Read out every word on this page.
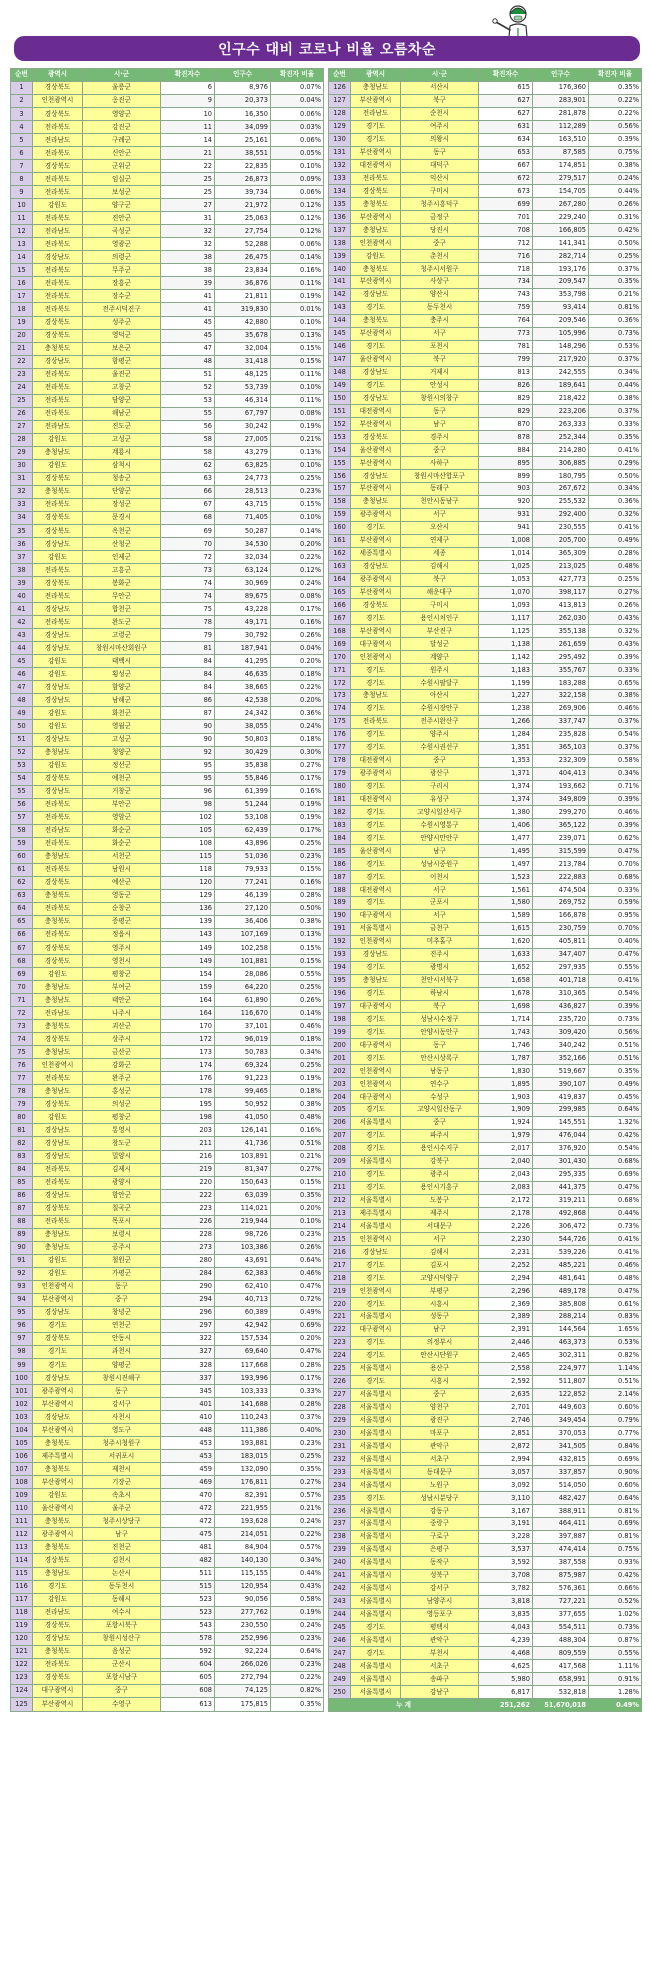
인구수 대비 코로나 비율 오름차순
순번	광역시	시·군	확진자수	인구수	확진자 비율
1	경상북도	울릉군	6	8,976	0.07%
2	인천광역시	옹진군	9	20,373	0.04%
3	경상북도	영양군	10	16,350	0.06%
4	전라북도	강진군	11	34,099	0.03%
5	전라남도	구례군	14	25,161	0.06%
6	전라북도	신안군	21	38,551	0.05%
7	경상북도	군위군	22	22,835	0.10%
8	전라북도	임실군	25	26,873	0.09%
9	전라북도	보성군	25	39,734	0.06%
10	강원도	양구군	27	21,972	0.12%
11	전라북도	진안군	31	25,063	0.12%
12	전라남도	곡성군	32	27,754	0.12%
13	전라북도	영광군	32	52,288	0.06%
14	경상남도	의령군	38	26,475	0.14%
15	전라북도	무주군	38	23,834	0.16%
16	전라북도	장흥군	39	36,876	0.11%
17	전라북도	장수군	41	21,811	0.19%
18	전라북도	전주시덕진구	41	319,830	0.01%
19	경상북도	성주군	45	42,880	0.10%
20	경상북도	영덕군	45	35,678	0.13%
21	충청북도	보은군	47	32,004	0.15%
22	경상남도	함평군	48	31,418	0.15%
23	전라북도	울진군	51	48,125	0.11%
24	전라북도	고창군	52	53,739	0.10%
25	전라북도	담양군	53	46,314	0.11%
26	전라북도	해남군	55	67,797	0.08%
27	전라남도	진도군	56	30,242	0.19%
28	강원도	고성군	58	27,005	0.21%
29	충청남도	계룡시	58	43,279	0.13%
30	강원도	삼척시	62	63,825	0.10%
31	경상북도	청송군	63	24,773	0.25%
32	충청북도	단양군	66	28,513	0.23%
33	전라북도	장성군	67	43,715	0.15%
34	경상북도	문경시	68	71,405	0.10%
35	경상북도	옥천군	69	50,287	0.14%
36	경상남도	산청군	70	34,530	0.20%
37	강원도	인제군	72	32,034	0.22%
38	전라북도	고흥군	73	63,124	0.12%
39	경상북도	봉화군	74	30,969	0.24%
40	전라북도	무안군	74	89,675	0.08%
41	경상남도	합천군	75	43,228	0.17%
42	전라북도	완도군	78	49,171	0.16%
43	경상남도	고령군	79	30,792	0.26%
44	경상남도	창원시마산회원구	81	187,941	0.04%
45	강원도	태백시	84	41,295	0.20%
46	강원도	횡성군	84	46,635	0.18%
47	경상남도	함양군	84	38,665	0.22%
48	경상남도	남해군	86	42,538	0.20%
49	강원도	화천군	87	24,342	0.36%
50	강원도	영월군	90	38,055	0.24%
51	경상남도	고성군	90	50,803	0.18%
52	충청남도	청양군	92	30,429	0.30%
53	강원도	정선군	95	35,838	0.27%
54	경상북도	예천군	95	55,846	0.17%
55	경상남도	거창군	96	61,399	0.16%
56	전라북도	부안군	98	51,244	0.19%
57	전라북도	영암군	102	53,108	0.19%
58	전라남도	화순군	105	62,439	0.17%
59	전라북도	화순군	108	43,896	0.25%
60	충청남도	서천군	115	51,036	0.23%
61	전라북도	남원시	118	79,933	0.15%
62	경상북도	예산군	120	77,241	0.16%
63	충청북도	영동군	129	46,139	0.28%
64	전라북도	순창군	136	27,120	0.50%
65	충청북도	증평군	139	36,406	0.38%
66	전라북도	정읍시	143	107,169	0.13%
67	경상북도	영주시	149	102,258	0.15%
68	경상북도	영천시	149	101,881	0.15%
69	강원도	평창군	154	28,086	0.55%
70	충청남도	부여군	159	64,220	0.25%
71	충청남도	태안군	164	61,890	0.26%
72	전라남도	나주시	164	116,670	0.14%
73	충청북도	괴산군	170	37,101	0.46%
74	경상북도	상주시	172	96,019	0.18%
75	충청남도	금산군	173	50,783	0.34%
76	인천광역시	강화군	174	69,324	0.25%
77	전라북도	완주군	176	91,223	0.19%
78	충청남도	홍성군	178	99,465	0.18%
79	경상북도	의성군	195	50,952	0.38%
80	강원도	평창군	198	41,050	0.48%
81	경상남도	통영시	203	126,141	0.16%
82	경상남도	창도군	211	41,736	0.51%
83	경상남도	밀양시	216	103,891	0.21%
84	전라북도	김제시	219	81,347	0.27%
85	전라북도	광양시	220	150,643	0.15%
86	경상남도	함안군	222	63,039	0.35%
87	경상북도	칠곡군	223	114,021	0.20%
88	전라북도	목포시	226	219,944	0.10%
89	충청남도	보령시	228	98,726	0.23%
90	충청남도	공주시	273	103,386	0.26%
91	강원도	철원군	280	43,691	0.64%
92	강원도	가평군	284	62,383	0.46%
93	인천광역시	동구	290	62,410	0.47%
94	부산광역시	중구	294	40,713	0.72%
95	경상남도	창녕군	296	60,389	0.49%
96	경기도	연천군	297	42,942	0.69%
97	경상북도	안동시	322	157,534	0.20%
98	경기도	과천시	327	69,640	0.47%
99	경기도	양평군	328	117,668	0.28%
100	경상남도	창원시진해구	337	193,996	0.17%
101	광주광역시	동구	345	103,333	0.33%
102	부산광역시	강서구	401	141,688	0.28%
103	경상남도	사천시	410	110,243	0.37%
104	부산광역시	영도구	448	111,386	0.40%
105	충청북도	청주시청원구	453	193,881	0.23%
106	제주특별시	서귀포시	453	183,015	0.25%
107	충청북도	제천시	459	132,090	0.35%
108	부산광역시	기장군	469	176,811	0.27%
109	강원도	속초시	470	82,391	0.57%
110	울산광역시	울주군	472	221,955	0.21%
111	충청북도	청주시상당구	472	193,628	0.24%
112	광주광역시	남구	475	214,051	0.22%
113	충청북도	진천군	481	84,904	0.57%
114	경상북도	김천시	482	140,130	0.34%
115	충청남도	논산시	511	115,155	0.44%
116	경기도	동두천시	515	120,954	0.43%
117	강원도	동해시	523	90,056	0.58%
118	전라남도	여수시	523	277,762	0.19%
119	경상북도	포항시북구	543	230,550	0.24%
120	경상남도	창원시성산구	578	252,996	0.23%
121	충청북도	음성군	592	92,224	0.64%
122	전라북도	군산시	604	266,026	0.23%
123	경상북도	포항시남구	605	272,794	0.22%
124	대구광역시	중구	608	74,125	0.82%
125	부산광역시	수영구	613	175,815	0.35%
순번	광역시	시·군	확진자수	인구수	확진자 비율
126	충청남도	서산시	615	176,360	0.35%
127	부산광역시	북구	627	283,901	0.22%
128	전라남도	순천시	627	281,878	0.22%
129	경기도	여주시	631	112,289	0.56%
130	경기도	의왕시	634	163,510	0.39%
131	부산광역시	동구	653	87,585	0.75%
132	대전광역시	대덕구	667	174,851	0.38%
133	전라북도	익산시	672	279,517	0.24%
134	경상북도	구미시	673	154,705	0.44%
135	충청북도	청주시흥덕구	699	267,280	0.26%
136	부산광역시	금정구	701	229,240	0.31%
137	충청남도	당진시	708	166,805	0.42%
138	인천광역시	중구	712	141,341	0.50%
139	강원도	춘천시	716	282,714	0.25%
140	충청북도	청주시서원구	718	193,176	0.37%
141	부산광역시	사상구	734	209,547	0.35%
142	경상남도	양산시	743	353,798	0.21%
143	경기도	동두천시	759	93,414	0.81%
144	충청북도	충주시	764	209,546	0.36%
145	부산광역시	서구	773	105,996	0.73%
146	경기도	포천시	781	148,296	0.53%
147	울산광역시	북구	799	217,920	0.37%
148	경상남도	거제시	813	242,555	0.34%
149	경기도	안성시	826	189,641	0.44%
150	경상남도	창원시의창구	829	218,422	0.38%
151	대전광역시	동구	829	223,206	0.37%
152	부산광역시	남구	870	263,333	0.33%
153	경상북도	경주시	878	252,344	0.35%
154	울산광역시	중구	884	214,280	0.41%
155	부산광역시	사하구	895	306,885	0.29%
156	경상남도	창원시마산합포구	899	180,795	0.50%
157	부산광역시	동래구	903	267,672	0.34%
158	충청남도	천안시동남구	920	255,532	0.36%
159	광주광역시	서구	931	292,400	0.32%
160	경기도	오산시	941	230,555	0.41%
161	부산광역시	연제구	1,008	205,700	0.49%
162	세종특별시	세종	1,014	365,309	0.28%
163	경상남도	김해시	1,025	213,025	0.48%
164	광주광역시	북구	1,053	427,773	0.25%
165	부산광역시	해운대구	1,070	398,117	0.27%
166	경상북도	구미시	1,093	413,813	0.26%
167	경기도	용인시처인구	1,117	262,030	0.43%
168	부산광역시	부산진구	1,125	355,138	0.32%
169	대구광역시	달성군	1,138	261,659	0.43%
170	인천광역시	계양구	1,142	295,492	0.39%
171	경기도	원주시	1,183	355,767	0.33%
172	경기도	수원시팔달구	1,199	183,288	0.65%
173	충청남도	아산시	1,227	322,158	0.38%
174	경기도	수원시장안구	1,238	269,906	0.46%
175	전라북도	전주시완산구	1,266	337,747	0.37%
176	경기도	양주시	1,284	235,828	0.54%
177	경기도	수원시권선구	1,351	365,103	0.37%
178	대전광역시	중구	1,353	232,309	0.58%
179	광주광역시	광산구	1,371	404,413	0.34%
180	경기도	구리시	1,374	193,662	0.71%
181	대전광역시	유성구	1,374	349,809	0.39%
182	경기도	고양시일산서구	1,380	299,270	0.46%
183	경기도	수원시영통구	1,406	365,122	0.39%
184	경기도	안양시만안구	1,477	239,071	0.62%
185	울산광역시	남구	1,495	315,599	0.47%
186	경기도	성남시중원구	1,497	213,784	0.70%
187	경기도	이천시	1,523	222,883	0.68%
188	대전광역시	서구	1,561	474,504	0.33%
189	경기도	군포시	1,580	269,752	0.59%
190	대구광역시	서구	1,589	166,878	0.95%
191	서울특별시	금천구	1,615	230,759	0.70%
192	인천광역시	미추홀구	1,620	405,811	0.40%
193	경상남도	진주시	1,633	347,407	0.47%
194	경기도	광명시	1,652	297,935	0.55%
195	충청남도	천안시서북구	1,658	401,718	0.41%
196	경기도	하남시	1,678	310,365	0.54%
197	대구광역시	북구	1,698	436,827	0.39%
198	경기도	성남시수정구	1,714	235,720	0.73%
199	경기도	안양시동안구	1,743	309,420	0.56%
200	대구광역시	동구	1,746	340,242	0.51%
201	경기도	안산시상록구	1,787	352,166	0.51%
202	인천광역시	남동구	1,830	519,667	0.35%
203	인천광역시	연수구	1,895	390,107	0.49%
204	대구광역시	수성구	1,903	419,837	0.45%
205	경기도	고양시일산동구	1,909	299,985	0.64%
206	서울특별시	중구	1,924	145,551	1.32%
207	경기도	파주시	1,979	476,044	0.42%
208	경기도	용인시수지구	2,017	376,920	0.54%
209	서울특별시	강북구	2,040	301,430	0.68%
210	경기도	광주시	2,043	295,335	0.69%
211	경기도	용인시기흥구	2,083	441,375	0.47%
212	서울특별시	도봉구	2,172	319,211	0.68%
213	제주특별시	제주시	2,178	492,868	0.44%
214	서울특별시	서대문구	2,226	306,472	0.73%
215	인천광역시	서구	2,230	544,726	0.41%
216	경상남도	김해시	2,231	539,226	0.41%
217	경기도	김포시	2,252	485,221	0.46%
218	경기도	고양시덕양구	2,294	481,641	0.48%
219	인천광역시	부평구	2,296	489,178	0.47%
220	경기도	시흥시	2,369	385,808	0.61%
221	서울특별시	성동구	2,389	288,214	0.83%
222	대구광역시	남구	2,391	144,564	1.65%
223	경기도	의정부시	2,446	463,373	0.53%
224	경기도	안산시단원구	2,465	302,311	0.82%
225	서울특별시	용산구	2,558	224,977	1.14%
226	경기도	시흥시	2,592	511,807	0.51%
227	서울특별시	중구	2,635	122,852	2.14%
228	서울특별시	양천구	2,701	449,603	0.60%
229	서울특별시	광진구	2,746	349,454	0.79%
230	서울특별시	마포구	2,851	370,053	0.77%
231	서울특별시	관악구	2,872	341,505	0.84%
232	서울특별시	서초구	2,994	432,815	0.69%
233	서울특별시	동대문구	3,057	337,857	0.90%
234	서울특별시	노원구	3,092	514,050	0.60%
235	경기도	성남시분당구	3,110	482,427	0.64%
236	서울특별시	강동구	3,167	388,911	0.81%
237	서울특별시	중랑구	3,191	464,411	0.69%
238	서울특별시	구로구	3,228	397,887	0.81%
239	서울특별시	은평구	3,537	474,414	0.75%
240	서울특별시	동작구	3,592	387,558	0.93%
241	서울특별시	성북구	3,708	875,987	0.42%
242	서울특별시	강서구	3,782	576,361	0.66%
243	서울특별시	남양주시	3,818	727,221	0.52%
244	서울특별시	영등포구	3,835	377,655	1.02%
245	경기도	평택시	4,043	554,511	0.73%
246	서울특별시	관악구	4,239	488,304	0.87%
247	경기도	부천시	4,468	809,559	0.55%
248	서울특별시	서초구	4,625	417,568	1.11%
249	서울특별시	송파구	5,980	658,991	0.91%
250	서울특별시	강남구	6,817	532,818	1.28%
누 계			251,262	51,670,018	0.49%
